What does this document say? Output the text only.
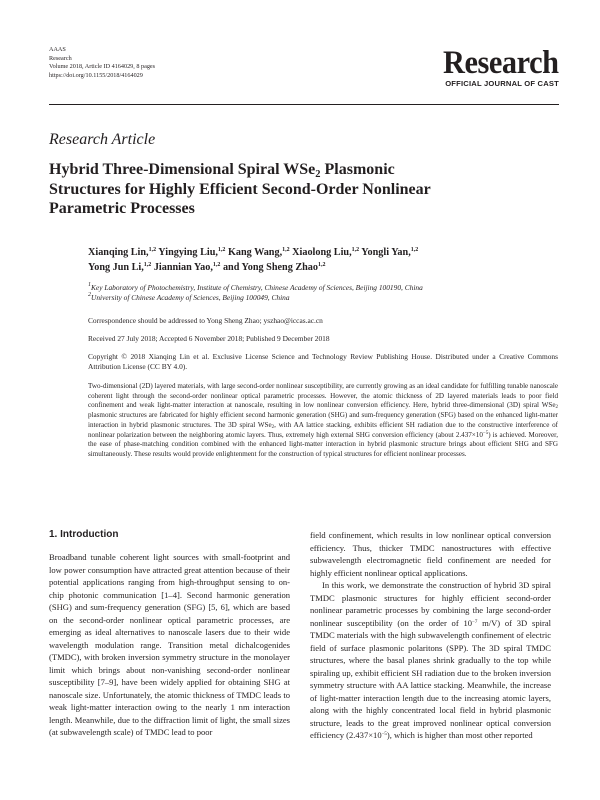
AAAS
Research
Volume 2018, Article ID 4164029, 8 pages
https://doi.org/10.1155/2018/4164029	Research
OFFICIAL JOURNAL OF CAST
Research Article
Hybrid Three-Dimensional Spiral WSe$_2$ Plasmonic Structures for Highly Efficient Second-Order Nonlinear Parametric Processes
Xianqing Lin,$^{1,2}$ Yingying Liu,$^{1,2}$ Kang Wang,$^{1,2}$ Xiaolong Liu,$^{1,2}$ Yongli Yan,$^{1,2}$
Yong Jun Li,$^{1,2}$ Jiannian Yao,$^{1,2}$ and Yong Sheng Zhao$^{1,2}$
$^1$Key Laboratory of Photochemistry, Institute of Chemistry, Chinese Academy of Sciences, Beijing 100190, China
$^2$University of Chinese Academy of Sciences, Beijing 100049, China
Correspondence should be addressed to Yong Sheng Zhao; yszhao@iccas.ac.cn
Received 27 July 2018; Accepted 6 November 2018; Published 9 December 2018
Copyright © 2018 Xianqing Lin et al. Exclusive License Science and Technology Review Publishing House. Distributed under a Creative Commons Attribution License (CC BY 4.0).
Two-dimensional (2D) layered materials, with large second-order nonlinear susceptibility, are currently growing as an ideal candidate for fulfilling tunable nanoscale coherent light through the second-order nonlinear optical parametric processes. However, the atomic thickness of 2D layered materials leads to poor field confinement and weak light-matter interaction at nanoscale, resulting in low nonlinear conversion efficiency. Here, hybrid three-dimensional (3D) spiral WSe$_2$ plasmonic structures are fabricated for highly efficient second harmonic generation (SHG) and sum-frequency generation (SFG) based on the enhanced light-matter interaction in hybrid plasmonic structures. The 3D spiral WSe$_2$, with AA lattice stacking, exhibits efficient SH radiation due to the constructive interference of nonlinear polarization between the neighboring atomic layers. Thus, extremely high external SHG conversion efficiency (about $2.437\times 10^{-5}$) is achieved. Moreover, the ease of phase-matching condition combined with the enhanced light-matter interaction in hybrid plasmonic structure brings about efficient SHG and SFG simultaneously. These results would provide enlightenment for the construction of typical structures for efficient nonlinear processes.
1. Introduction

Broadband tunable coherent light sources with small-footprint and low power consumption have attracted great attention because of their potential applications ranging from high-throughput sensing to on-chip photonic communication [1–4]. Second harmonic generation (SHG) and sum-frequency generation (SFG) [5, 6], which are based on the second-order nonlinear optical parametric processes, are emerging as ideal alternatives to nanoscale lasers due to their wide wavelength modulation range. Transition metal dichalcogenides (TMDC), with broken inversion symmetry structure in the monolayer limit which brings about non-vanishing second-order nonlinear susceptibility [7–9], have been widely applied for obtaining SHG at nanoscale size. Unfortunately, the atomic thickness of TMDC leads to weak light-matter interaction owing to the nearly 1 nm interaction length. Meanwhile, due to the diffraction limit of light, the small sizes (at subwavelength scale) of TMDC lead to poor

field confinement, which results in low nonlinear optical conversion efficiency. Thus, thicker TMDC nanostructures with effective subwavelength electromagnetic field confinement are needed for highly efficient nonlinear optical applications.

In this work, we demonstrate the construction of hybrid 3D spiral TMDC plasmonic structures for highly efficient second-order nonlinear parametric processes by combining the large second-order nonlinear susceptibility (on the order of $10^{-7}$ m/V) of 3D spiral TMDC materials with the high subwavelength confinement of electric field of surface plasmonic polaritons (SPP). The 3D spiral TMDC structures, where the basal planes shrink gradually to the top while spiraling up, exhibit efficient SH radiation due to the broken inversion symmetry structure with AA lattice stacking. Meanwhile, the increase of light-matter interaction length due to the increasing atomic layers, along with the highly concentrated local field in hybrid plasmonic structure, leads to the great improved nonlinear optical conversion efficiency $(2.437\times 10^{-5})$, which is higher than most other reported
